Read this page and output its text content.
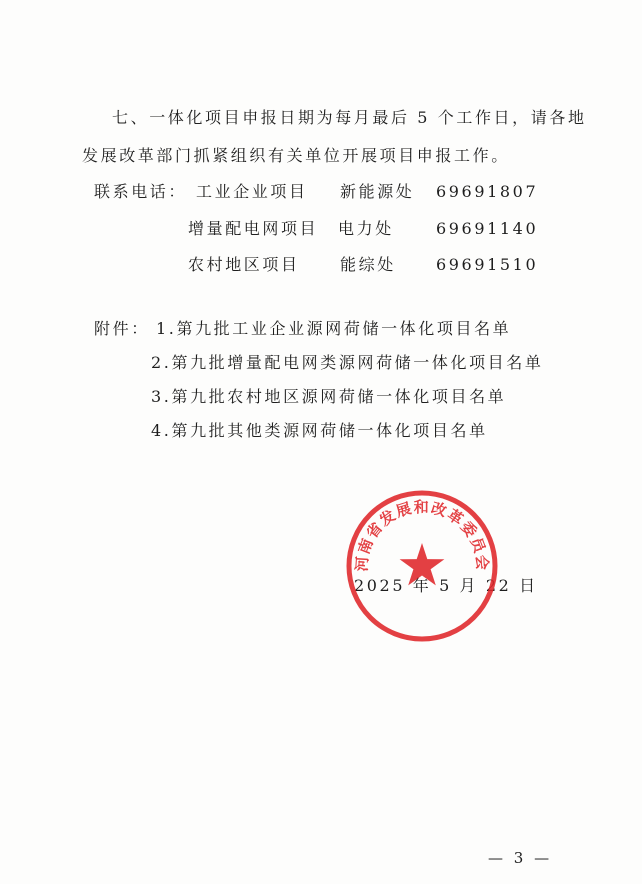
七、一体化项目申报日期为每月最后 5 个工作日，请各地
发展改革部门抓紧组织有关单位开展项目申报工作。
联系电话： 工业企业项目 新能源处 69691807
增量配电网项目 电力处	69691140
农村地区项目	能综处	69691510
附件： 1.第九批工业企业源网荷储一体化项目名单
2.第九批增量配电网类源网荷储一体化项目名单
3.第九批农村地区源网荷储一体化项目名单
4.第九批其他类源网荷储一体化项目名单
2025 年 5 月 22 日
河南省发展和改革委员会
— 3 —
